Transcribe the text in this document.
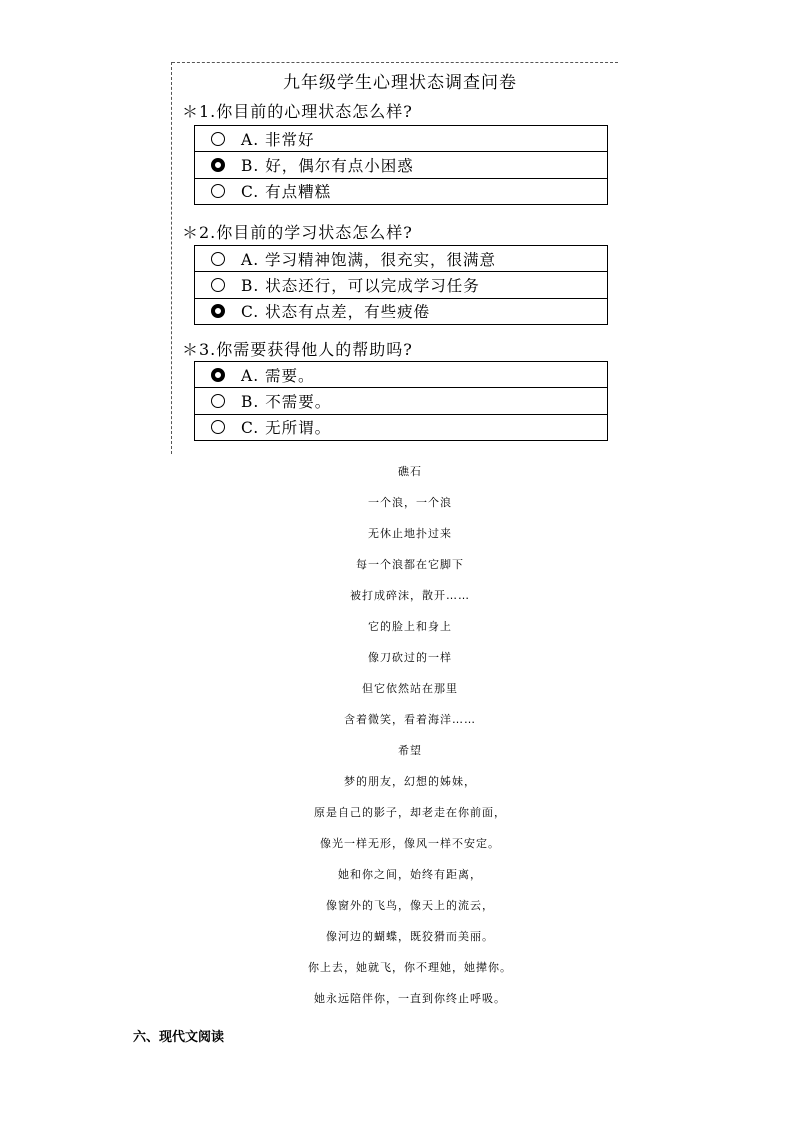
九年级学生心理状态调查问卷
＊1.你目前的心理状态怎么样?
A. 非常好
B. 好，偶尔有点小困惑
C. 有点糟糕
＊2.你目前的学习状态怎么样?
A. 学习精神饱满，很充实，很满意
B. 状态还行，可以完成学习任务
C. 状态有点差，有些疲倦
＊3.你需要获得他人的帮助吗?
A. 需要。
B. 不需要。
C. 无所谓。
礁石
一个浪，一个浪
无休止地扑过来
每一个浪都在它脚下
被打成碎沫，散开……
它的脸上和身上
像刀砍过的一样
但它依然站在那里
含着微笑，看着海洋……
希望
梦的朋友，幻想的姊妹，
原是自己的影子，却老走在你前面，
像光一样无形，像风一样不安定。
她和你之间，始终有距离，
像窗外的飞鸟，像天上的流云，
像河边的蝴蝶，既狡猾而美丽。
你上去，她就飞，你不理她，她撵你。
她永远陪伴你，一直到你终止呼吸。
六、现代文阅读
